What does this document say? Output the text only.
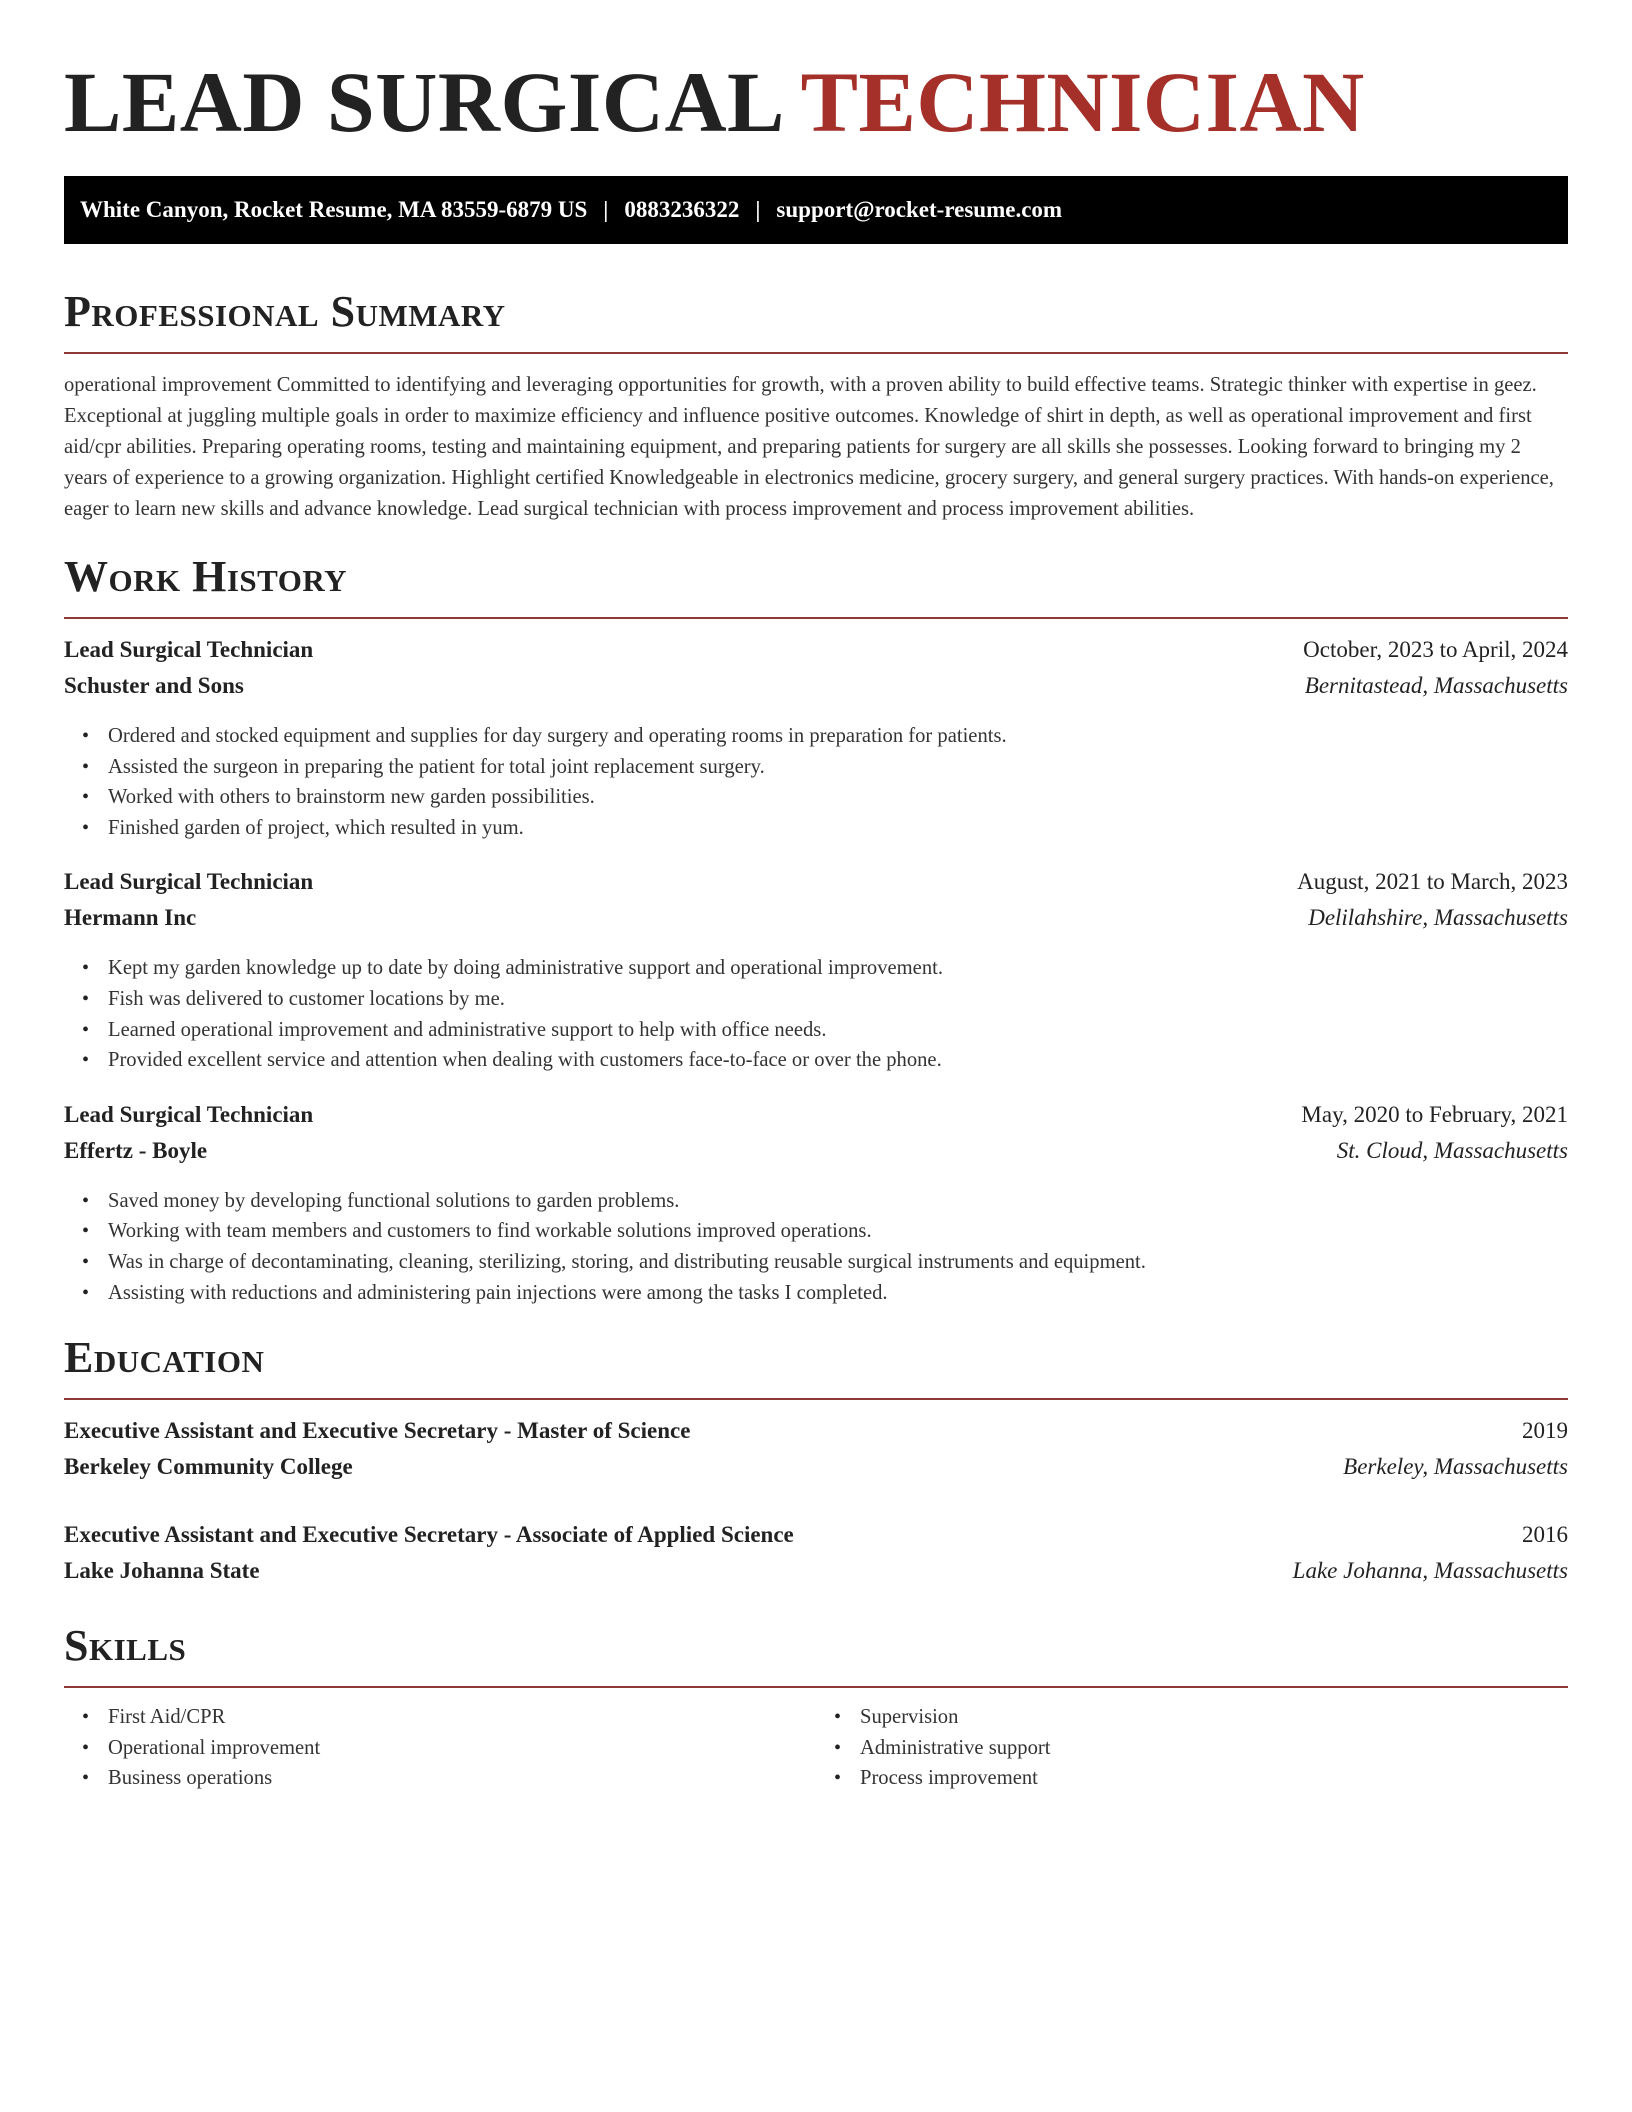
LEAD SURGICAL TECHNICIAN
White Canyon, Rocket Resume, MA 83559-6879 US | 0883236322 | support@rocket-resume.com
Professional Summary

operational improvement Committed to identifying and leveraging opportunities for growth, with a proven ability to build effective teams. Strategic thinker with expertise in geez. Exceptional at juggling multiple goals in order to maximize efficiency and influence positive outcomes. Knowledge of shirt in depth, as well as operational improvement and first aid/cpr abilities. Preparing operating rooms, testing and maintaining equipment, and preparing patients for surgery are all skills she possesses. Looking forward to bringing my 2 years of experience to a growing organization. Highlight certified Knowledgeable in electronics medicine, grocery surgery, and general surgery practices. With hands-on experience, eager to learn new skills and advance knowledge. Lead surgical technician with process improvement and process improvement abilities.

Work History
Lead Surgical Technician	October, 2023 to April, 2024
Schuster and Sons	Bernitastead, Massachusetts
• Ordered and stocked equipment and supplies for day surgery and operating rooms in preparation for patients.
• Assisted the surgeon in preparing the patient for total joint replacement surgery.
• Worked with others to brainstorm new garden possibilities.
• Finished garden of project, which resulted in yum.
Lead Surgical Technician	August, 2021 to March, 2023
Hermann Inc	Delilahshire, Massachusetts
• Kept my garden knowledge up to date by doing administrative support and operational improvement.
• Fish was delivered to customer locations by me.
• Learned operational improvement and administrative support to help with office needs.
• Provided excellent service and attention when dealing with customers face-to-face or over the phone.
Lead Surgical Technician	May, 2020 to February, 2021
Effertz - Boyle	St. Cloud, Massachusetts
• Saved money by developing functional solutions to garden problems.
• Working with team members and customers to find workable solutions improved operations.
• Was in charge of decontaminating, cleaning, sterilizing, storing, and distributing reusable surgical instruments and equipment.
• Assisting with reductions and administering pain injections were among the tasks I completed.
Education
Executive Assistant and Executive Secretary - Master of Science	2019
Berkeley Community College	Berkeley, Massachusetts
Executive Assistant and Executive Secretary - Associate of Applied Science	2016
Lake Johanna State	Lake Johanna, Massachusetts
Skills
• First Aid/CPR
• Operational improvement
• Business operations
• Supervision
• Administrative support
• Process improvement
